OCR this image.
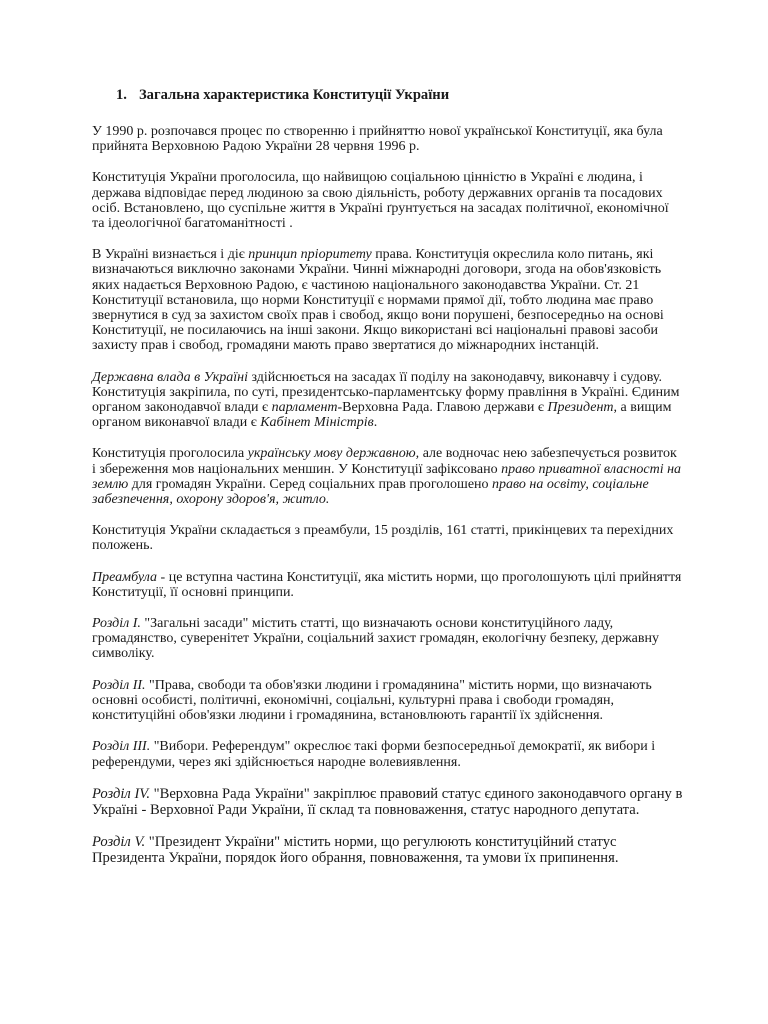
1. Загальна характеристика Конституції України

У 1990 р. розпочався процес по створенню і прийняттю нової української Конституції, яка була прийнята Верховною Радою України 28 червня 1996 р.

Конституція України проголосила, що найвищою соціальною цінністю в Україні є людина, і держава відповідає перед людиною за свою діяльність, роботу державних органів та посадових осіб. Встановлено, що суспільне життя в Україні ґрунтується на засадах політичної, економічної та ідеологічної багатоманітності .

В Україні визнається і діє принцип пріоритету права. Конституція окреслила коло питань, які визначаються виключно законами України. Чинні міжнародні договори, згода на обов'язковість яких надається Верховною Радою, є частиною національного законодавства України. Ст. 21 Конституції встановила, що норми Конституції є нормами прямої дії, тобто людина має право звернутися в суд за захистом своїх прав і свобод, якщо вони порушені, безпосередньо на основі Конституції, не посилаючись на інші закони. Якщо використані всі національні правові засоби захисту прав і свобод, громадяни мають право звертатися до міжнародних інстанцій.

Державна влада в Україні здійснюється на засадах її поділу на законодавчу, виконавчу і судову. Конституція закріпила, по суті, президентсько-парламентську форму правління в Україні. Єдиним органом законодавчої влади є парламент-Верховна Рада. Главою держави є Президент, а вищим органом виконавчої влади є Кабінет Міністрів.

Конституція проголосила українську мову державною, але водночас нею забезпечується розвиток і збереження мов національних меншин. У Конституції зафіксовано право приватної власності на землю для громадян України. Серед соціальних прав проголошено право на освіту, соціальне забезпечення, охорону здоров'я, житло.

Конституція України складається з преамбули, 15 розділів, 161 статті, прикінцевих та перехідних положень.

Преамбула - це вступна частина Конституції, яка містить норми, що проголошують цілі прийняття Конституції, її основні принципи.

Розділ І. "Загальні засади" містить статті, що визначають основи конституційного ладу, громадянство, суверенітет України, соціальний захист громадян, екологічну безпеку, державну символіку.

Розділ ІІ. "Права, свободи та обов'язки людини і громадянина" містить норми, що визначають основні особисті, політичні, економічні, соціальні, культурні права і свободи громадян, конституційні обов'язки людини і громадянина, встановлюють гарантії їх здійснення.

Розділ ІІІ. "Вибори. Референдум" окреслює такі форми безпосередньої демократії, як вибори і референдуми, через які здійснюється народне волевиявлення.

Розділ IV. "Верховна Рада України" закріплює правовий статус єдиного законодавчого органу в Україні - Верховної Ради України, її склад та повноваження, статус народного депутата.

Розділ V. "Президент України" містить норми, що регулюють конституційний статус Президента України, порядок його обрання, повноваження, та умови їх припинення.
